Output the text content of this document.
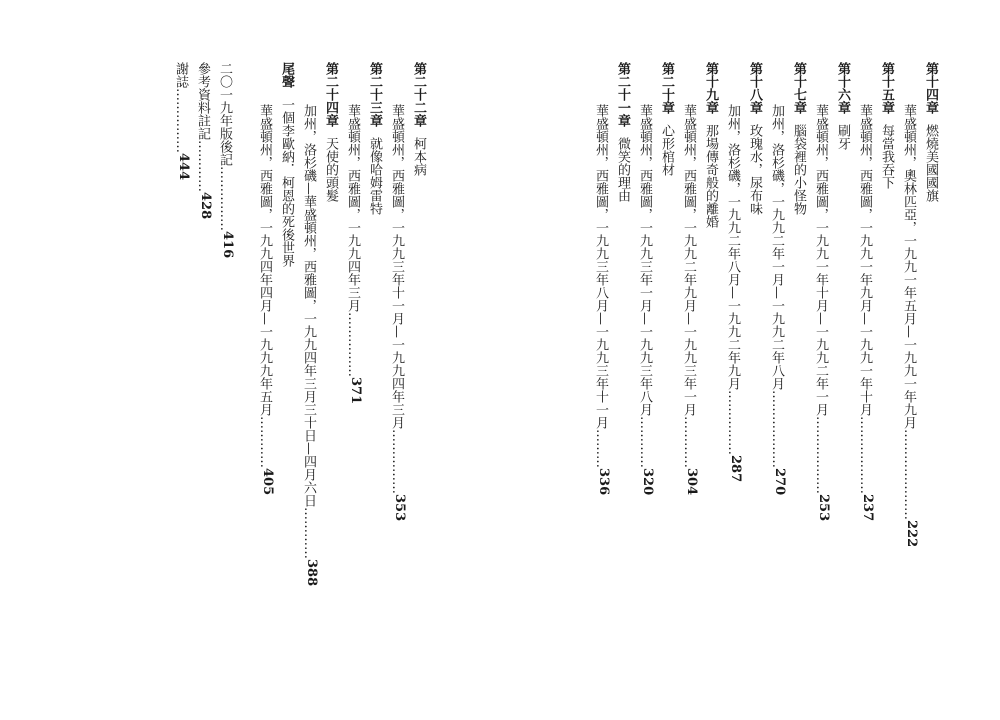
第十四章燃燒美國國旗
華盛頓州，奧林匹亞，一九九一年五月—一九九一年九月…………………222
第十五章每當我吞下
華盛頓州，西雅圖，一九九一年九月—一九九一年十月………………237
第十六章刷牙
華盛頓州，西雅圖，一九九一年十月—一九九二年一月………………253
第十七章腦袋裡的小怪物
加州，洛杉磯，一九九二年一月—一九九二年八月………………270
第十八章玫瑰水，尿布味
加州，洛杉磯，一九九二年八月—一九九二年九月……………287
第十九章那場傳奇般的離婚
華盛頓州，西雅圖，一九九二年九月—一九九三年一月…………304
第二十章心形棺材
華盛頓州，西雅圖，一九九三年一月—一九九三年八月…………320
第二十一章微笑的理由
華盛頓州，西雅圖，一九九三年八月—一九九三年十一月………336
第二十二章柯本病
華盛頓州，西雅圖，一九九三年十一月—一九九四年三月……………353
第二十三章就像哈姆雷特
華盛頓州，西雅圖，一九九四年三月……………371
第二十四章天使的頭髮
加州，洛杉磯—華盛頓州，西雅圖，一九九四年三月三十日—四月六日…………388
尾聲一個李歐納．柯恩的死後世界
華盛頓州，西雅圖，一九九四年四月—一九九九年五月…………405
二〇一九年版後記……………416
參考資料註記…………428
謝誌……………444
